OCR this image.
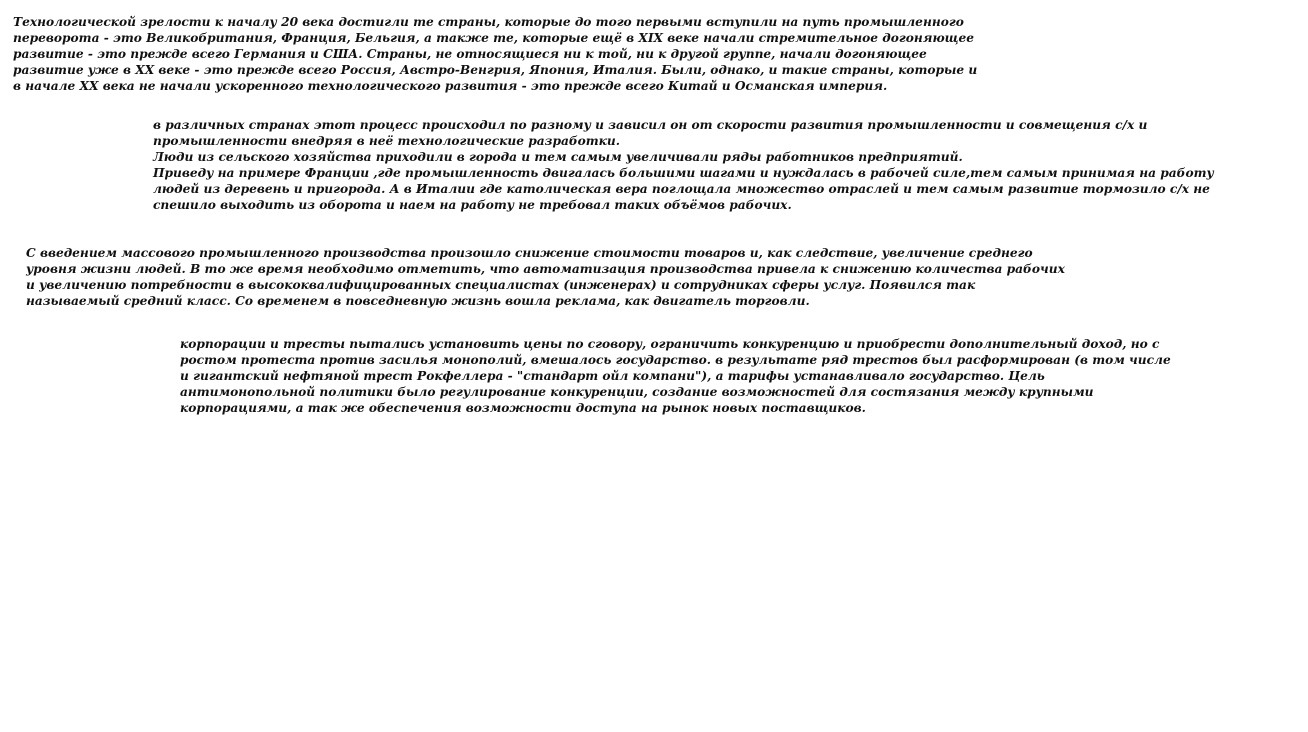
Технологической зрелости к началу 20 века достигли те страны, которые до того первыми вступили на путь промышленного
переворота - это Великобритания, Франция, Бельгия, а также те, которые ещё в XIX веке начали стремительное догоняющее
развитие - это прежде всего Германия и США. Страны, не относящиеся ни к той, ни к другой группе, начали догоняющее
развитие уже в XX веке - это прежде всего Россия, Австро-Венгрия, Япония, Италия. Были, однако, и такие страны, которые и
в начале XX века не начали ускоренного технологического развития - это прежде всего Китай и Османская империя.
в различных странах этот процесс происходил по разному и зависил он от скорости развития промышленности и совмещения с/х и
промышленности внедряя в неё технологические разработки.
Люди из сельского хозяйства приходили в города и тем самым увеличивали ряды работников предприятий.
Приведу на примере Франции ,где промышленность двигалась большими шагами и нуждалась в рабочей силе,тем самым принимая на работу
людей из деревень и пригорода. А в Италии где католическая вера поглощала множество отраслей и тем самым развитие тормозило с/х не
спешило выходить из оборота и наем на работу не требовал таких объёмов рабочих.
С введением массового промышленного производства произошло снижение стоимости товаров и, как следствие, увеличение среднего
уровня жизни людей. В то же время необходимо отметить, что автоматизация производства привела к снижению количества рабочих
и увеличению потребности в высококвалифицированных специалистах (инженерах) и сотрудниках сферы услуг. Появился так
называемый средний класс. Со временем в повседневную жизнь вошла реклама, как двигатель торговли.
корпорации и тресты пытались установить цены по сговору, ограничить конкуренцию и приобрести дополнительный доход, но с
ростом протеста против засилья монополий, вмешалось государство. в результате ряд трестов был расформирован (в том числе
и гигантский нефтяной трест Рокфеллера - "стандарт ойл компани"), а тарифы устанавливало государство. Цель
антимонопольной политики было регулирование конкуренции, создание возможностей для состязания между крупными
корпорациями, а так же обеспечения возможности доступа на рынок новых поставщиков.
